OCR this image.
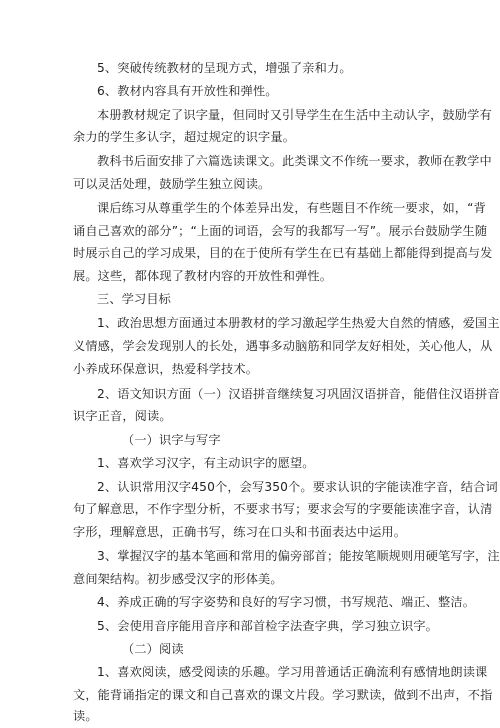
5、突破传统教材的呈现方式，增强了亲和力。
6、教材内容具有开放性和弹性。
本册教材规定了识字量，但同时又引导学生在生活中主动认字，鼓励学有
余力的学生多认字，超过规定的识字量。
教科书后面安排了六篇选读课文。此类课文不作统一要求，教师在教学中
可以灵活处理，鼓励学生独立阅读。
课后练习从尊重学生的个体差异出发，有些题目不作统一要求，如，“背
诵自己喜欢的部分”；“上面的词语，会写的我都写一写”。展示台鼓励学生随
时展示自己的学习成果，目的在于使所有学生在已有基础上都能得到提高与发
展。这些，都体现了教材内容的开放性和弹性。
三、学习目标
1、政治思想方面通过本册教材的学习激起学生热爱大自然的情感，爱国主
义情感，学会发现别人的长处，遇事多动脑筋和同学友好相处，关心他人，从
小养成环保意识，热爱科学技术。
2、语文知识方面（一）汉语拼音继续复习巩固汉语拼音，能借住汉语拼音
识字正音，阅读。
（一）识字与写字
1、喜欢学习汉字，有主动识字的愿望。
2、认识常用汉字450个，会写350个。要求认识的字能读准字音，结合词
句了解意思，不作字型分析，不要求书写；要求会写的字要能读准字音，认清
字形，理解意思，正确书写，练习在口头和书面表达中运用。
3、掌握汉字的基本笔画和常用的偏旁部首；能按笔顺规则用硬笔写字，注
意间架结构。初步感受汉字的形体美。
4、养成正确的写字姿势和良好的写字习惯，书写规范、端正、整洁。
5、会使用音序能用音序和部首检字法查字典，学习独立识字。
（二）阅读
1、喜欢阅读，感受阅读的乐趣。学习用普通话正确流利有感情地朗读课
文，能背诵指定的课文和自己喜欢的课文片段。学习默读，做到不出声，不指
读。
